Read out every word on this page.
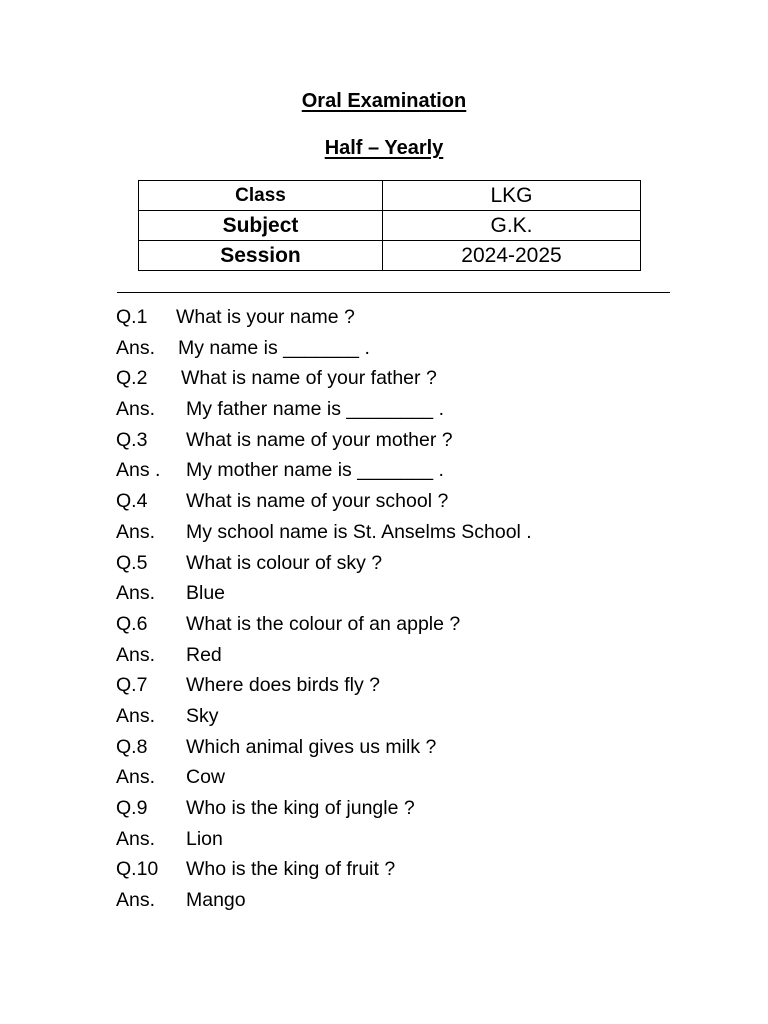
Oral Examination
Half – Yearly
Class	LKG
Subject	G.K.
Session	2024-2025
Q.1 What is your name ?
Ans. My name is _______ .
Q.2 What is name of your father ?
Ans. My father name is ________ .
Q.3 What is name of your mother ?
Ans . My mother name is _______ .
Q.4 What is name of your school ?
Ans. My school name is St. Anselms School .
Q.5 What is colour of sky ?
Ans. Blue
Q.6 What is the colour of an apple ?
Ans. Red
Q.7 Where does birds fly ?
Ans. Sky
Q.8 Which animal gives us milk ?
Ans. Cow
Q.9 Who is the king of jungle ?
Ans. Lion
Q.10 Who is the king of fruit ?
Ans. Mango
